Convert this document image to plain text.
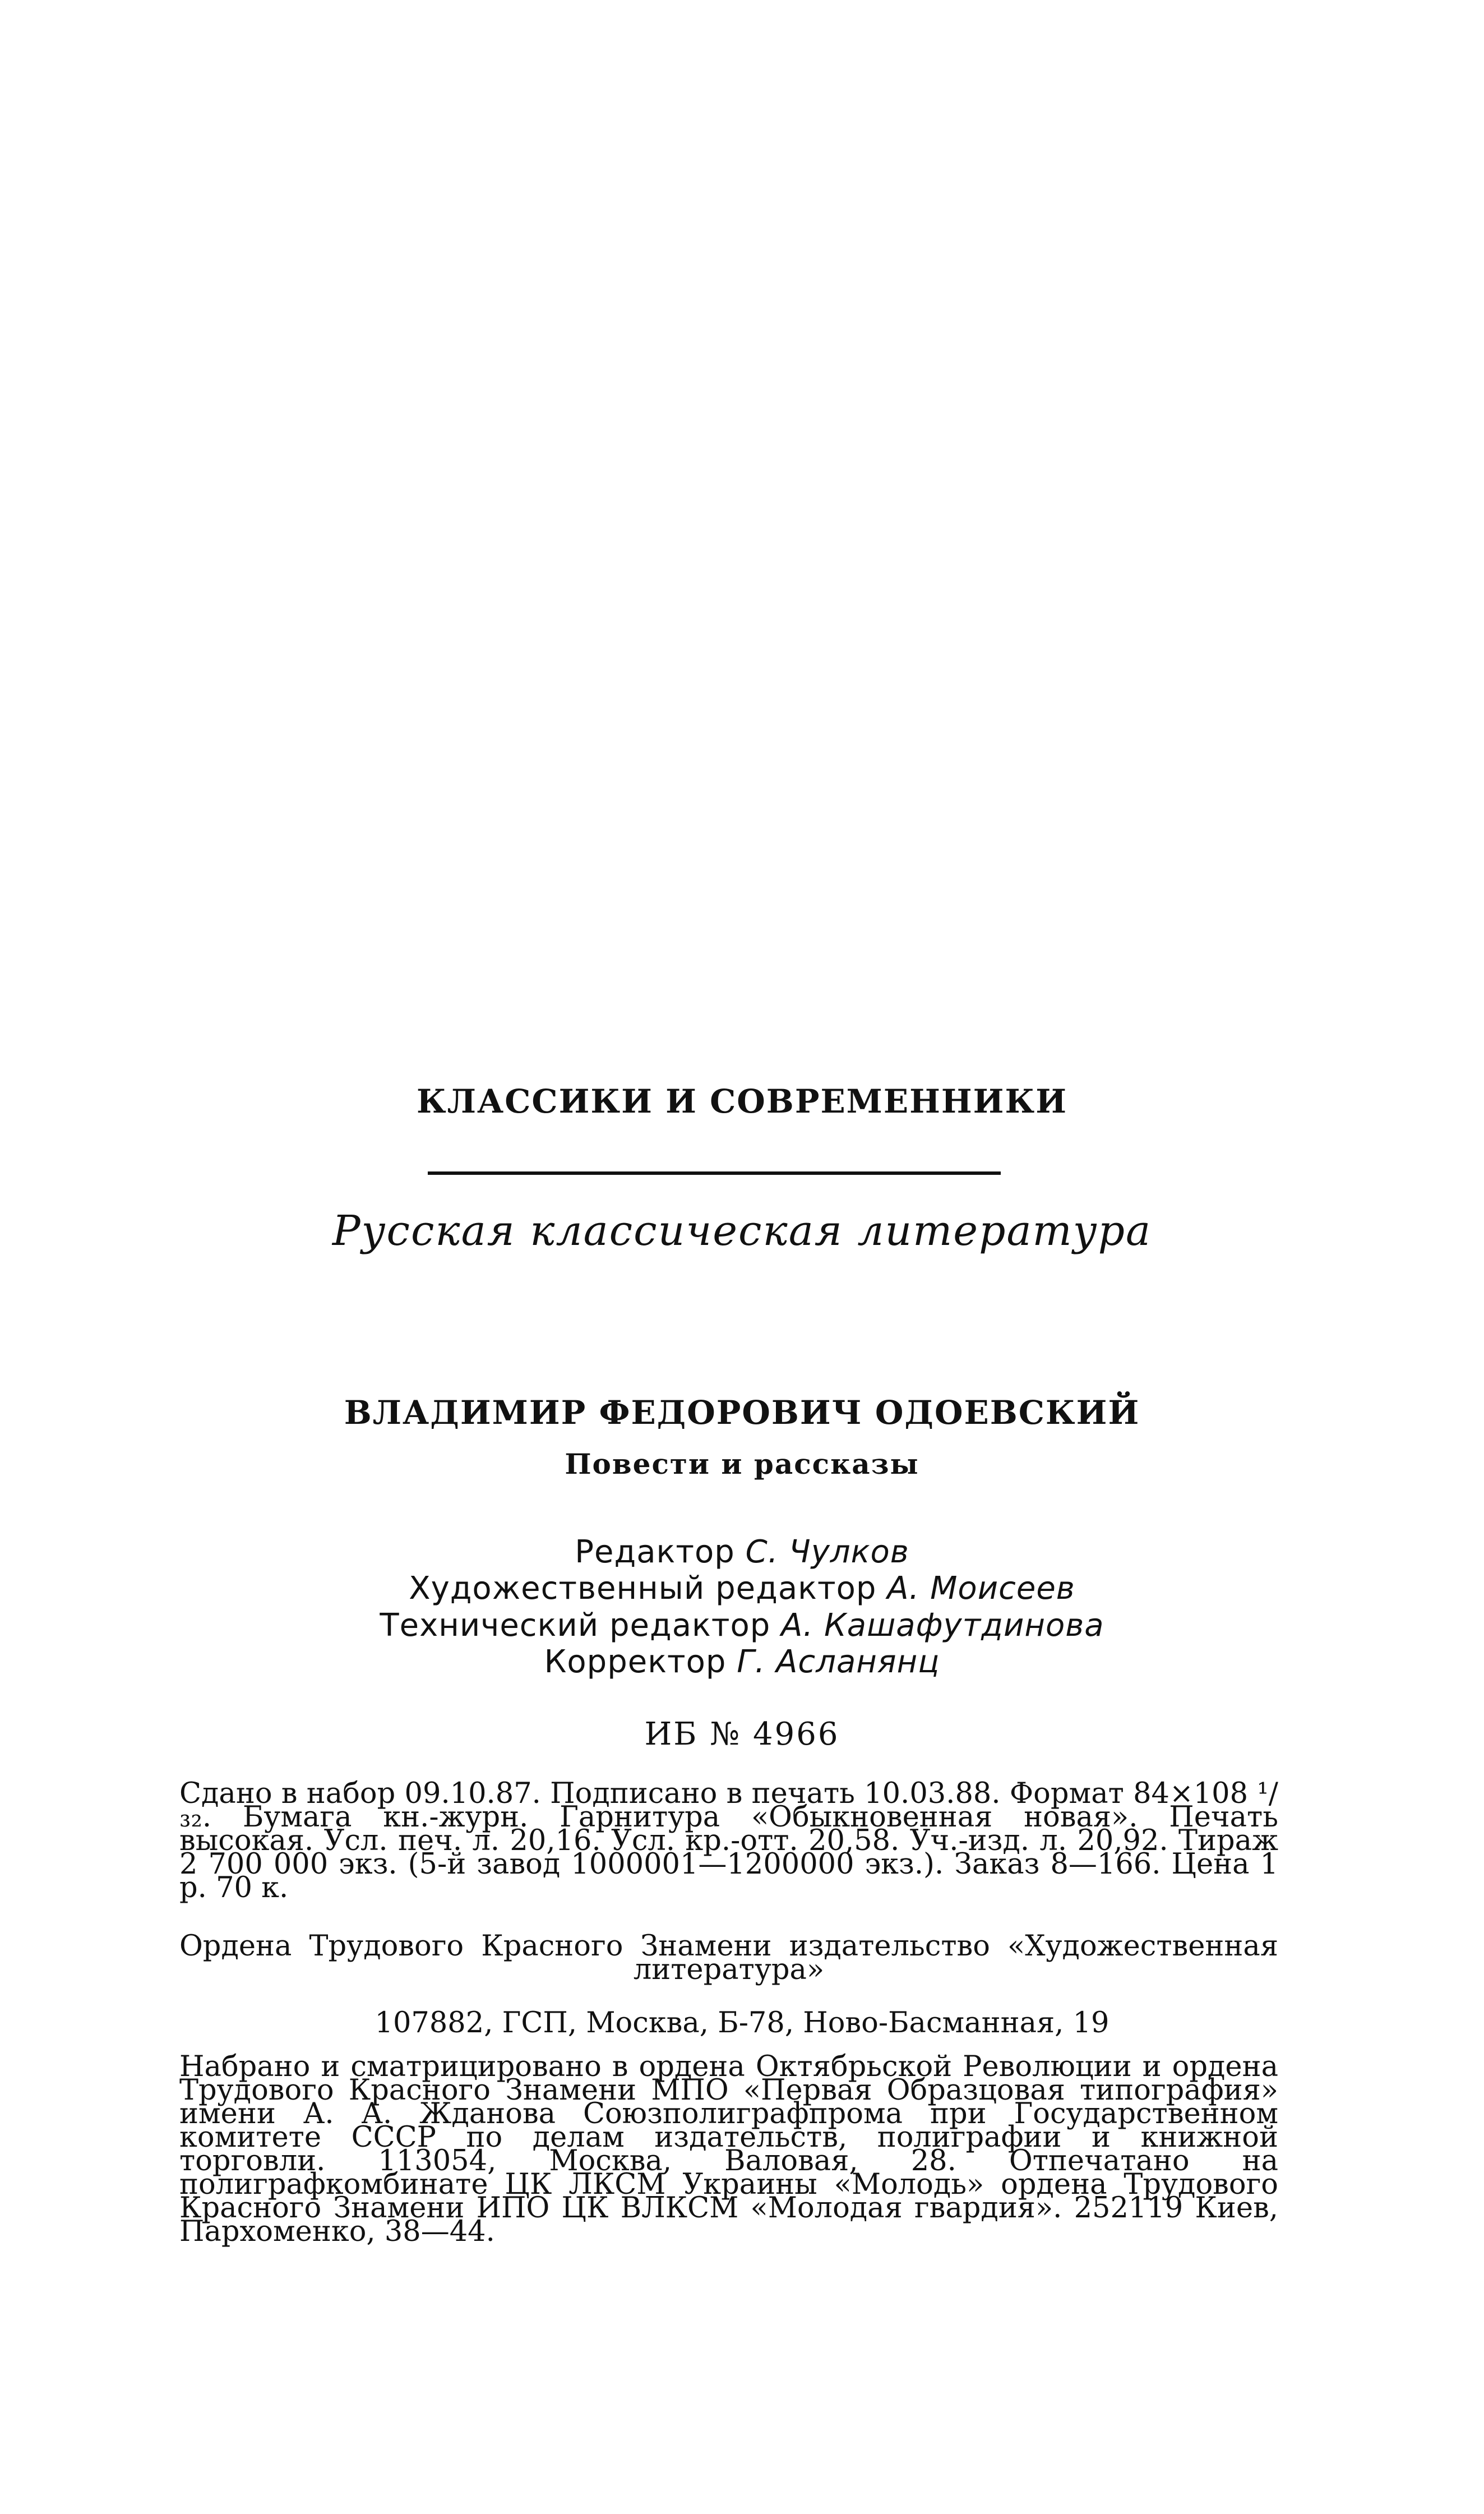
КЛАССИКИ И СОВРЕМЕННИКИ
Русская классическая литература
ВЛАДИМИР ФЕДОРОВИЧ ОДОЕВСКИЙ
Повести и рассказы
Редактор С. Чулков
Художественный редактор А. Моисеев
Технический редактор А. Кашафутдинова
Корректор Г. Асланянц
ИБ № 4966

Сдано в набор 09.10.87. Подписано в печать 10.03.88. Формат 84×108 ¹/₃₂. Бумага кн.-журн. Гарнитура «Обыкновенная новая». Печать высокая. Усл. печ. л. 20,16. Усл. кр.-отт. 20,58. Уч.-изд. л. 20,92. Тираж 2 700 000 экз. (5-й завод 1000001—1200000 экз.). Заказ 8—166. Цена 1 р. 70 к.

Ордена Трудового Красного Знамени издательство «Художественная литература»

107882, ГСП, Москва, Б-78, Ново-Басманная, 19

Набрано и сматрицировано в ордена Октябрьской Революции и ордена Трудового Красного Знамени МПО «Первая Образцовая типография» имени А. А. Жданова Союзполиграфпрома при Государственном комитете СССР по делам издательств, полиграфии и книжной торговли. 113054, Москва, Валовая, 28. Отпечатано на полиграфкомбинате ЦК ЛКСМ Украины «Молодь» ордена Трудового Красного Знамени ИПО ЦК ВЛКСМ «Молодая гвардия». 252119 Киев, Пархоменко, 38—44.
